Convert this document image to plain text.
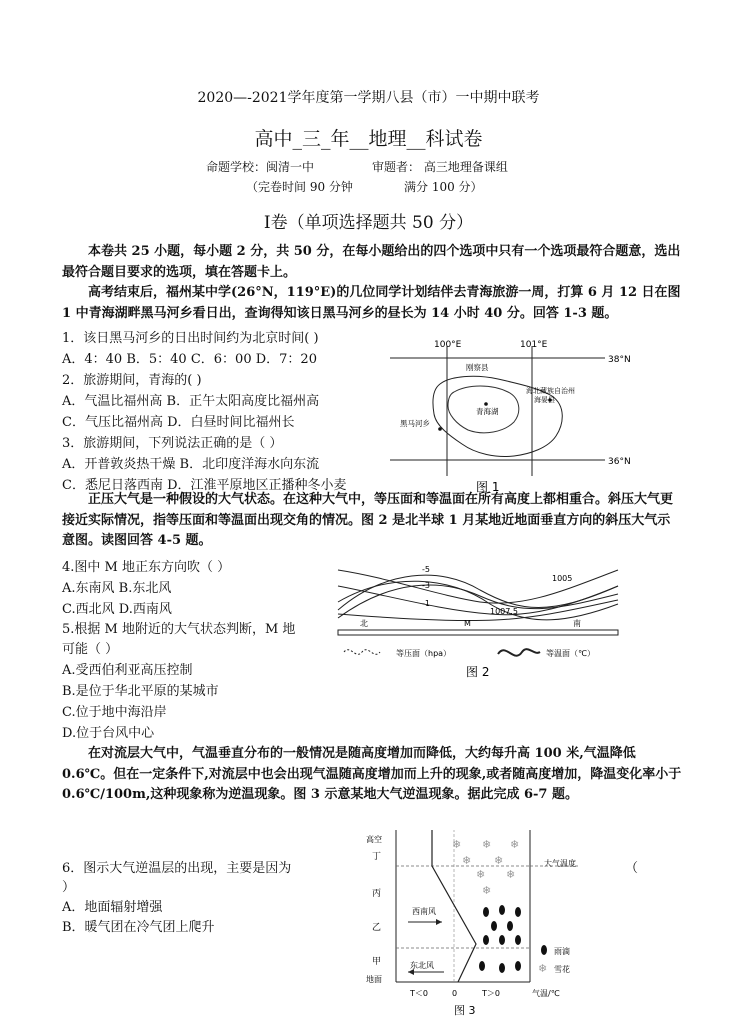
2020—-2021学年度第一学期八县（市）一中期中联考
高中_三_年__地理__科试卷
命题学校：闽清一中	审题者： 高三地理备课组
（完卷时间 90 分钟	满分 100 分）
Ⅰ卷（单项选择题共 50 分）
本卷共 25 小题，每小题 2 分，共 50 分，在每小题给出的四个选项中只有一个选项最符合题意，选出最符合题目要求的选项，填在答题卡上。
高考结束后，福州某中学(26°N，119°E)的几位同学计划结伴去青海旅游一周，打算 6 月 12 日在图 1 中青海湖畔黑马河乡看日出，查询得知该日黑马河乡的昼长为 14 小时 40 分。回答 1-3 题。
1．该日黑马河乡的日出时间约为北京时间( )
A．4：40 B．5：40 C．6：00 D．7：20
2．旅游期间，青海的( )
A．气温比福州高 B．正午太阳高度比福州高
C．气压比福州高 D．白昼时间比福州长
3．旅游期间，下列说法正确的是（ ）
A．开普敦炎热干燥 B．北印度洋海水向东流
C．悉尼日落西南 D．江淮平原地区正播种冬小麦
100°E	101°E
38°N
36°N
刚察县
海北藏族自治州
海晏县
青海湖
黑马河乡
图 1
正压大气是一种假设的大气状态。在这种大气中，等压面和等温面在所有高度上都相重合。斜压大气更接近实际情况，指等压面和等温面出现交角的情况。图 2 是北半球 1 月某地近地面垂直方向的斜压大气示意图。读图回答 4-5 题。
4.图中 M 地正东方向吹（ ）
A.东南风 B.东北风
C.西北风 D.西南风
5.根据 M 地附近的大气状态判断，M 地
可能（ ）
A.受西伯利亚高压控制
B.是位于华北平原的某城市
C.位于地中海沿岸
D.位于台风中心
-5
-3
-1
1005
1007.5
北	M	南
等压面（hpa）	等温面（℃）
图 2
在对流层大气中，气温垂直分布的一般情况是随高度增加而降低，大约每升高 100 米,气温降低 0.6℃。但在一定条件下,对流层中也会出现气温随高度增加而上升的现象,或者随高度增加，降温变化率小于 0.6℃/100m,这种现象称为逆温现象。图 3 示意某地大气逆温现象。据此完成 6-7 题。
6．图示大气逆温层的出现，主要是因为	（
）
A．地面辐射增强
B．暖气团在冷气团上爬升
高空
丁
丙
乙
甲
地面
大气温度
❄ ❄ ❄
❄ ❄
❄ ❄
❄
西南风
东北风
雨滴
❄ 雪花
T＜0	0	T＞0	气温/℃
图 3
